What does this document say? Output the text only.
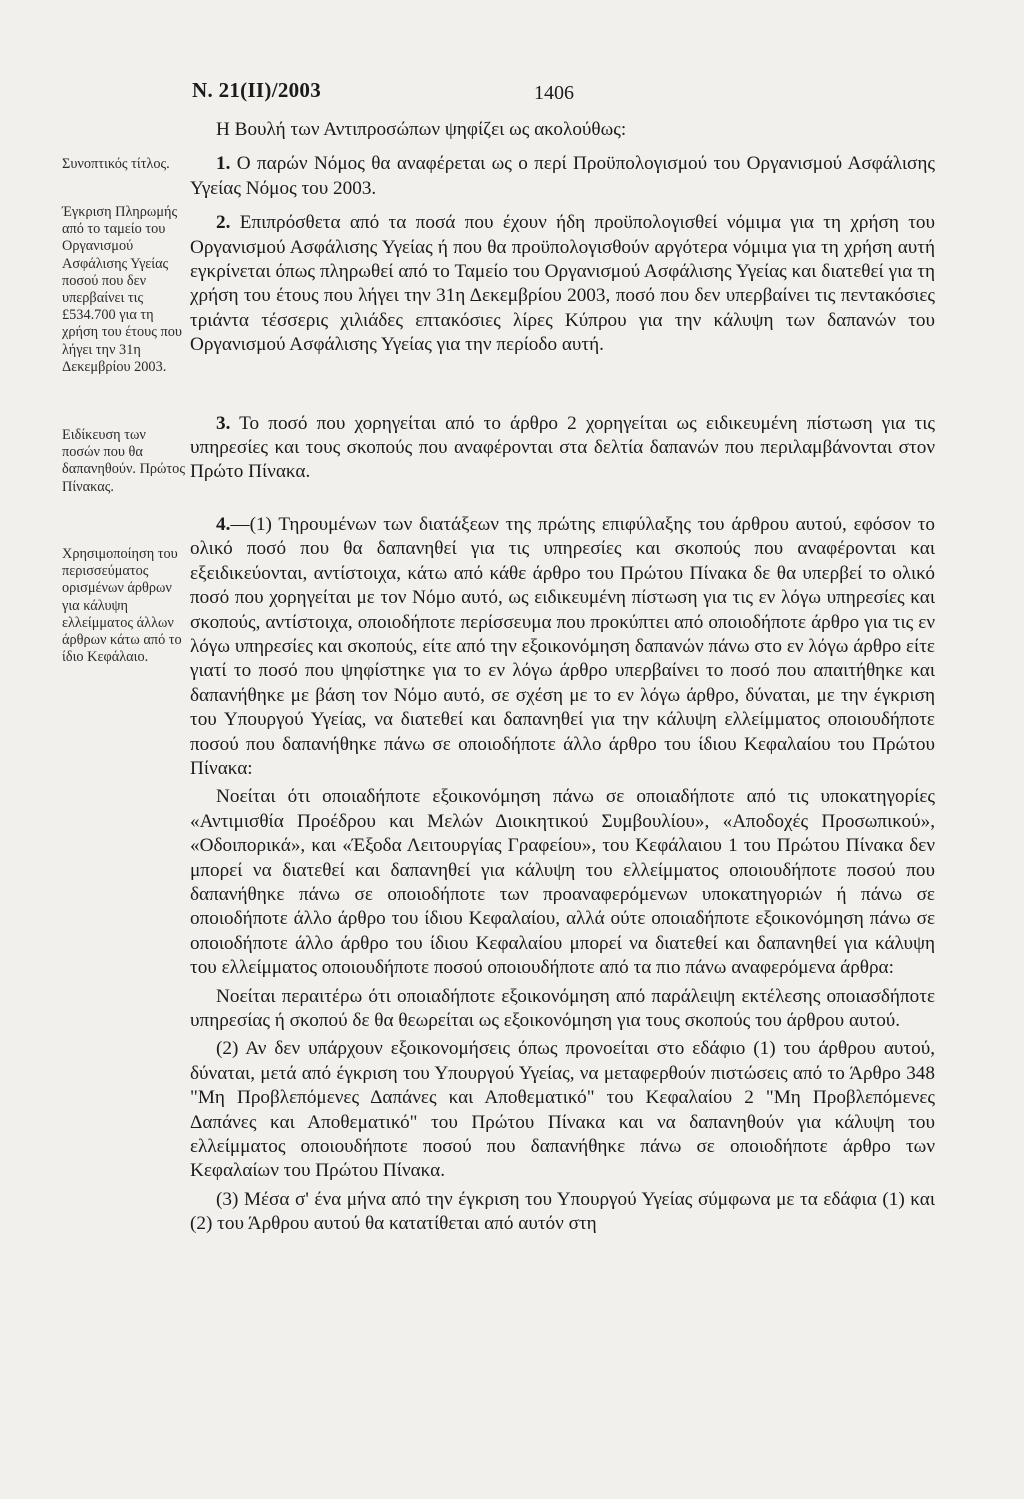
Ν. 21(ΙΙ)/2003	1406

Συνοπτικός τίτλος.

Έγκριση Πληρωμής από το ταμείο του Οργανισμού Ασφάλισης Υγείας ποσού που δεν υπερβαίνει τις £534.700 για τη χρήση του έτους που λήγει την 31η Δεκεμβρίου 2003.

Ειδίκευση των ποσών που θα δαπανηθούν. Πρώτος Πίνακας.

Χρησιμοποίηση του περισσεύματος ορισμένων άρθρων για κάλυψη ελλείμματος άλλων άρθρων κάτω από το ίδιο Κεφάλαιο.

Η Βουλή των Αντιπροσώπων ψηφίζει ως ακολούθως:

1. Ο παρών Νόμος θα αναφέρεται ως ο περί Προϋπολογισμού του Οργανισμού Ασφάλισης Υγείας Νόμος του 2003.

2. Επιπρόσθετα από τα ποσά που έχουν ήδη προϋπολογισθεί νόμιμα για τη χρήση του Οργανισμού Ασφάλισης Υγείας ή που θα προϋπολογισθούν αργότερα νόμιμα για τη χρήση αυτή εγκρίνεται όπως πληρωθεί από το Ταμείο του Οργανισμού Ασφάλισης Υγείας και διατεθεί για τη χρήση του έτους που λήγει την 31η Δεκεμβρίου 2003, ποσό που δεν υπερβαίνει τις πεντακόσιες τριάντα τέσσερις χιλιάδες επτακόσιες λίρες Κύπρου για την κάλυψη των δαπανών του Οργανισμού Ασφάλισης Υγείας για την περίοδο αυτή.

3. Το ποσό που χορηγείται από το άρθρο 2 χορηγείται ως ειδικευμένη πίστωση για τις υπηρεσίες και τους σκοπούς που αναφέρονται στα δελτία δαπανών που περιλαμβάνονται στον Πρώτο Πίνακα.

4.—(1) Τηρουμένων των διατάξεων της πρώτης επιφύλαξης του άρθρου αυτού, εφόσον το ολικό ποσό που θα δαπανηθεί για τις υπηρεσίες και σκοπούς που αναφέρονται και εξειδικεύονται, αντίστοιχα, κάτω από κάθε άρθρο του Πρώτου Πίνακα δε θα υπερβεί το ολικό ποσό που χορηγείται με τον Νόμο αυτό, ως ειδικευμένη πίστωση για τις εν λόγω υπηρεσίες και σκοπούς, αντίστοιχα, οποιοδήποτε περίσσευμα που προκύπτει από οποιοδήποτε άρθρο για τις εν λόγω υπηρεσίες και σκοπούς, είτε από την εξοικονόμηση δαπανών πάνω στο εν λόγω άρθρο είτε γιατί το ποσό που ψηφίστηκε για το εν λόγω άρθρο υπερβαίνει το ποσό που απαιτήθηκε και δαπανήθηκε με βάση τον Νόμο αυτό, σε σχέση με το εν λόγω άρθρο, δύναται, με την έγκριση του Υπουργού Υγείας, να διατεθεί και δαπανηθεί για την κάλυψη ελλείμματος οποιουδήποτε ποσού που δαπανήθηκε πάνω σε οποιοδήποτε άλλο άρθρο του ίδιου Κεφαλαίου του Πρώτου Πίνακα:

Νοείται ότι οποιαδήποτε εξοικονόμηση πάνω σε οποιαδήποτε από τις υποκατηγορίες «Αντιμισθία Προέδρου και Μελών Διοικητικού Συμβουλίου», «Αποδοχές Προσωπικού», «Οδοιπορικά», και «Έξοδα Λειτουργίας Γραφείου», του Κεφάλαιου 1 του Πρώτου Πίνακα δεν μπορεί να διατεθεί και δαπανηθεί για κάλυψη του ελλείμματος οποιουδήποτε ποσού που δαπανήθηκε πάνω σε οποιοδήποτε των προαναφερόμενων υποκατηγοριών ή πάνω σε οποιοδήποτε άλλο άρθρο του ίδιου Κεφαλαίου, αλλά ούτε οποιαδήποτε εξοικονόμηση πάνω σε οποιοδήποτε άλλο άρθρο του ίδιου Κεφαλαίου μπορεί να διατεθεί και δαπανηθεί για κάλυψη του ελλείμματος οποιουδήποτε ποσού οποιουδήποτε από τα πιο πάνω αναφερόμενα άρθρα:

Νοείται περαιτέρω ότι οποιαδήποτε εξοικονόμηση από παράλειψη εκτέλεσης οποιασδήποτε υπηρεσίας ή σκοπού δε θα θεωρείται ως εξοικονόμηση για τους σκοπούς του άρθρου αυτού.

(2) Αν δεν υπάρχουν εξοικονομήσεις όπως προνοείται στο εδάφιο (1) του άρθρου αυτού, δύναται, μετά από έγκριση του Υπουργού Υγείας, να μεταφερθούν πιστώσεις από το Άρθρο 348 "Μη Προβλεπόμενες Δαπάνες και Αποθεματικό" του Κεφαλαίου 2 "Μη Προβλεπόμενες Δαπάνες και Αποθεματικό" του Πρώτου Πίνακα και να δαπανηθούν για κάλυψη του ελλείμματος οποιουδήποτε ποσού που δαπανήθηκε πάνω σε οποιοδήποτε άρθρο των Κεφαλαίων του Πρώτου Πίνακα.

(3) Μέσα σ' ένα μήνα από την έγκριση του Υπουργού Υγείας σύμφωνα με τα εδάφια (1) και (2) του Άρθρου αυτού θα κατατίθεται από αυτόν στη
